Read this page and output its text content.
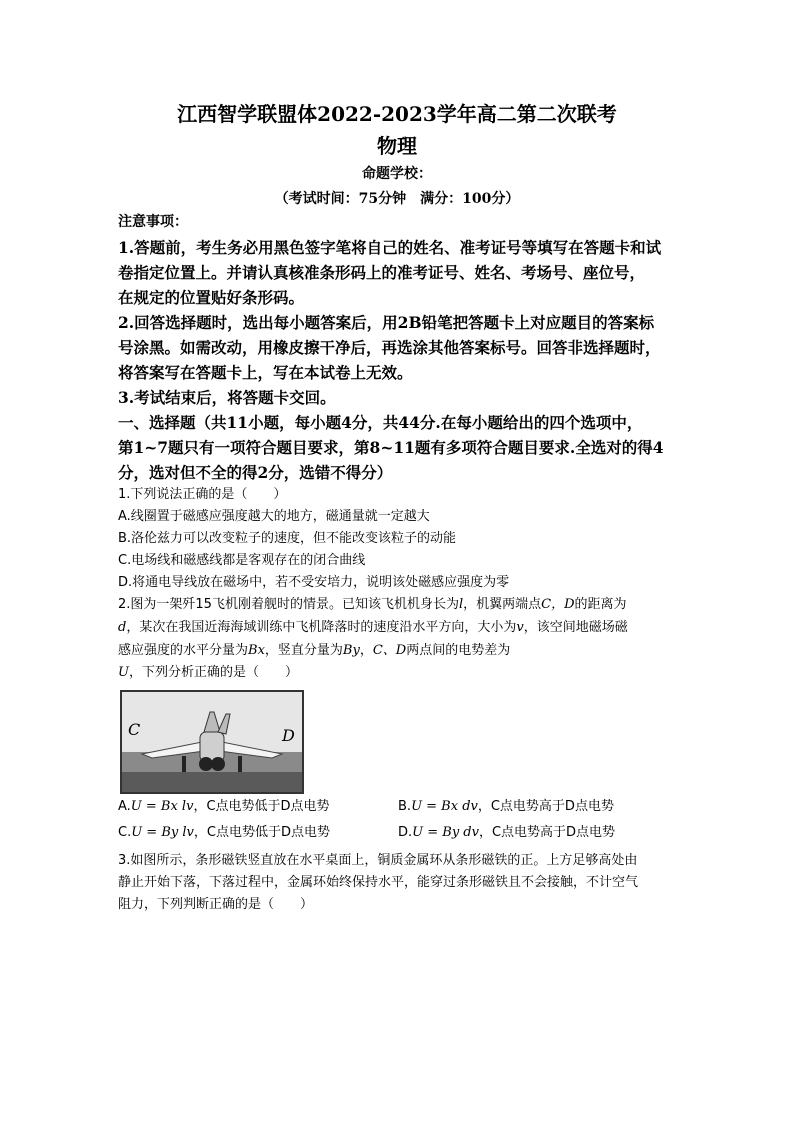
江西智学联盟体2022-2023学年高二第二次联考
物理
命题学校：
（考试时间：75分钟　满分：100分）
注意事项：
1.答题前，考生务必用黑色签字笔将自己的姓名、准考证号等填写在答题卡和试
卷指定位置上。并请认真核准条形码上的准考证号、姓名、考场号、座位号，
在规定的位置贴好条形码。
2.回答选择题时，选出每小题答案后，用2B铅笔把答题卡上对应题目的答案标
号涂黑。如需改动，用橡皮擦干净后，再选涂其他答案标号。回答非选择题时，
将答案写在答题卡上，写在本试卷上无效。
3.考试结束后，将答题卡交回。
一、选择题（共11小题，每小题4分，共44分.在每小题给出的四个选项中，
第1~7题只有一项符合题目要求，第8~11题有多项符合题目要求.全选对的得4
分，选对但不全的得2分，选错不得分）
1.下列说法正确的是（　　）
A.线圈置于磁感应强度越大的地方，磁通量就一定越大
B.洛伦兹力可以改变粒子的速度，但不能改变该粒子的动能
C.电场线和磁感线都是客观存在的闭合曲线
D.将通电导线放在磁场中，若不受安培力，说明该处磁感应强度为零
2.图为一架歼15飞机刚着舰时的情景。已知该飞机机身长为l，机翼两端点C，D的距离为
d，某次在我国近海海域训练中飞机降落时的速度沿水平方向，大小为v，该空间地磁场磁
感应强度的水平分量为Bx，竖直分量为By，C、D两点间的电势差为U，下列分析正确的是（　　）
C	D
A.U = Bx lv，C点电势低于D点电势	B.U = Bx dv，C点电势高于D点电势
C.U = By lv，C点电势低于D点电势	D.U = By dv，C点电势高于D点电势
3.如图所示，条形磁铁竖直放在水平桌面上，铜质金属环从条形磁铁的正。上方足够高处由
静止开始下落，下落过程中，金属环始终保持水平，能穿过条形磁铁且不会接触，不计空气
阻力，下列判断正确的是（　　）
